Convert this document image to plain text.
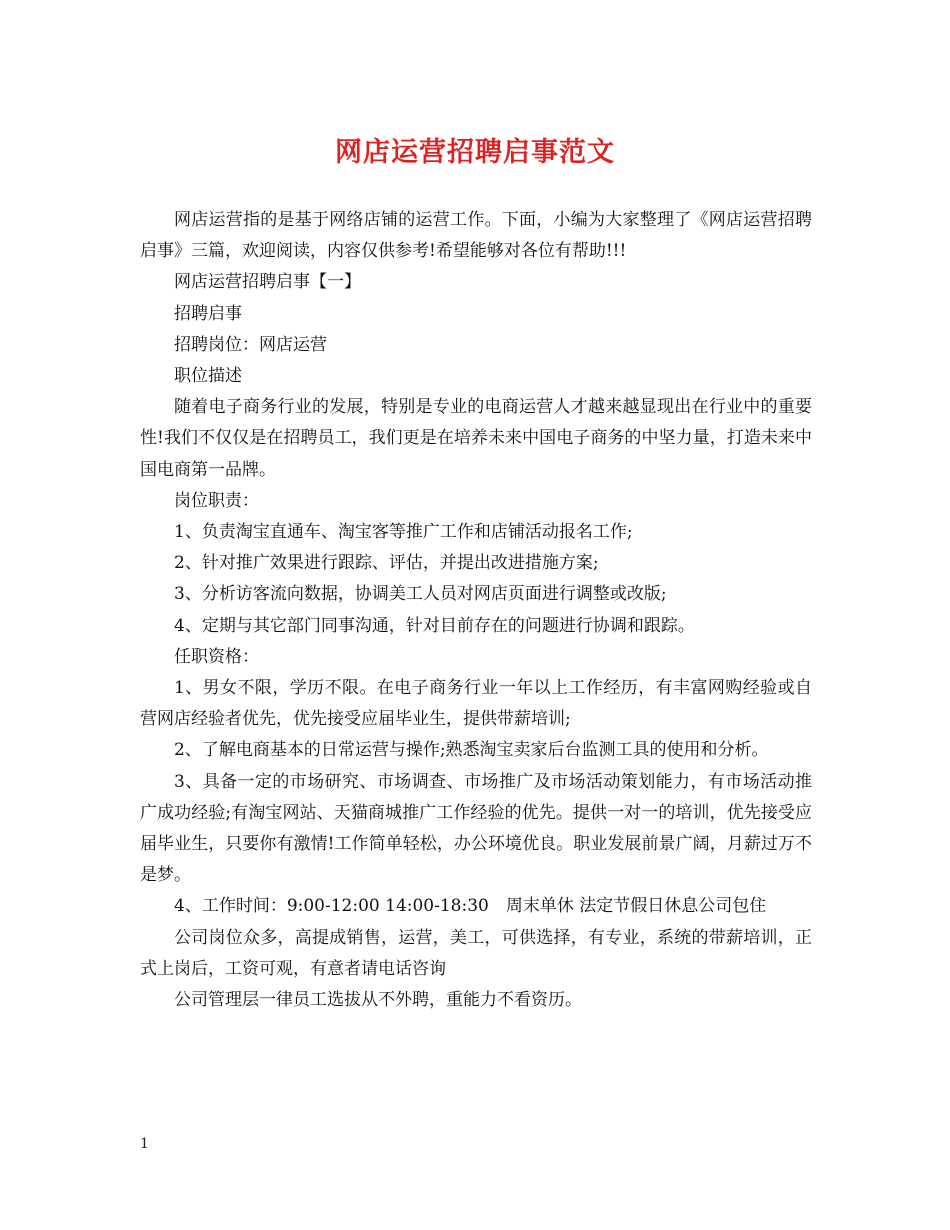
网店运营招聘启事范文

网店运营指的是基于网络店铺的运营工作。下面，小编为大家整理了《网店运营招聘启事》三篇，欢迎阅读，内容仅供参考!希望能够对各位有帮助!!!

网店运营招聘启事【一】

招聘启事

招聘岗位：网店运营

职位描述

随着电子商务行业的发展，特别是专业的电商运营人才越来越显现出在行业中的重要性!我们不仅仅是在招聘员工，我们更是在培养未来中国电子商务的中坚力量，打造未来中国电商第一品牌。

岗位职责：

1、负责淘宝直通车、淘宝客等推广工作和店铺活动报名工作;

2、针对推广效果进行跟踪、评估，并提出改进措施方案;

3、分析访客流向数据，协调美工人员对网店页面进行调整或改版;

4、定期与其它部门同事沟通，针对目前存在的问题进行协调和跟踪。

任职资格：

1、男女不限，学历不限。在电子商务行业一年以上工作经历，有丰富网购经验或自营网店经验者优先，优先接受应届毕业生，提供带薪培训;

2、了解电商基本的日常运营与操作;熟悉淘宝卖家后台监测工具的使用和分析。

3、具备一定的市场研究、市场调查、市场推广及市场活动策划能力，有市场活动推广成功经验;有淘宝网站、天猫商城推广工作经验的优先。提供一对一的培训，优先接受应届毕业生，只要你有激情!工作简单轻松，办公环境优良。职业发展前景广阔，月薪过万不是梦。

4、工作时间：9:00-12:00 14:00-18:30　周末单休 法定节假日休息公司包住

公司岗位众多，高提成销售，运营，美工，可供选择，有专业，系统的带薪培训，正式上岗后，工资可观，有意者请电话咨询

公司管理层一律员工选拔从不外聘，重能力不看资历。

1
